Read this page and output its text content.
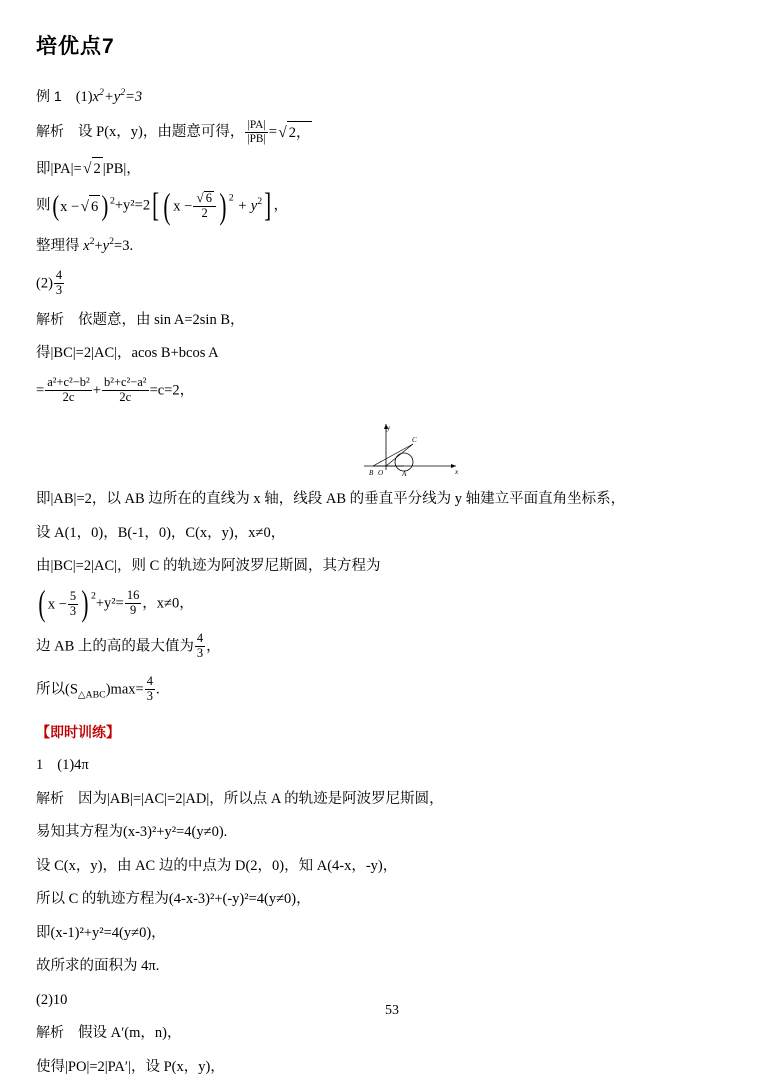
培优点7
例 1 $(1)x^2+y^2=3$
解析 设 P(x，y)，由题意可得， $\frac{|PA|}{|PB|}$ =√ 2，
即|PA|=√ 2 |PB|，
则(x −√ 6 )$^2$+y²=2[ ( $x - \frac{√ 6}{2}$ ) $^2 + y^2$] ，
整理得 $x^2+y^2=3$.
$(2) \frac{4}{3}$
解析 依题意，由 sin A=2sin B，
得|BC|=2|AC|，acos B+bcos A
= $\frac{\text{a²+c²−b²}}{2c} + \frac{\text{b²+c²−a²}}{2c} =c=2$，
y
C
A	x
B O
即|AB|=2，以 AB 边所在的直线为 x 轴，线段 AB 的垂直平分线为 y 轴建立平面直角坐标系，
设 A(1，0)，B(-1，0)，C(x，y)，x≠0，
由|BC|=2|AC|，则 C 的轨迹为阿波罗尼斯圆，其方程为
( $x - \frac{5}{3}$ ) $^2+y^2= \frac{16}{9}$ ，x≠0，
边 AB 上的高的最大值为 $\frac{4}{3}$ ，
所以$(S_{\triangle ABC})\max= \frac{4}{3}$ .
【即时训练】
1 (1)4π
解析 因为|AB|=|AC|=2|AD|，所以点 A 的轨迹是阿波罗尼斯圆，
易知其方程为(x-3)²+y²=4(y≠0).
设 C(x，y)，由 AC 边的中点为 D(2，0)，知 A(4-x，-y)，
所以 C 的轨迹方程为(4-x-3)²+(-y)²=4(y≠0)，
即(x-1)²+y²=4(y≠0)，
故所求的面积为 4π.
(2)10
解析 假设 A′(m，n)，
使得|PO|=2|PA′|，设 P(x，y)，
53
